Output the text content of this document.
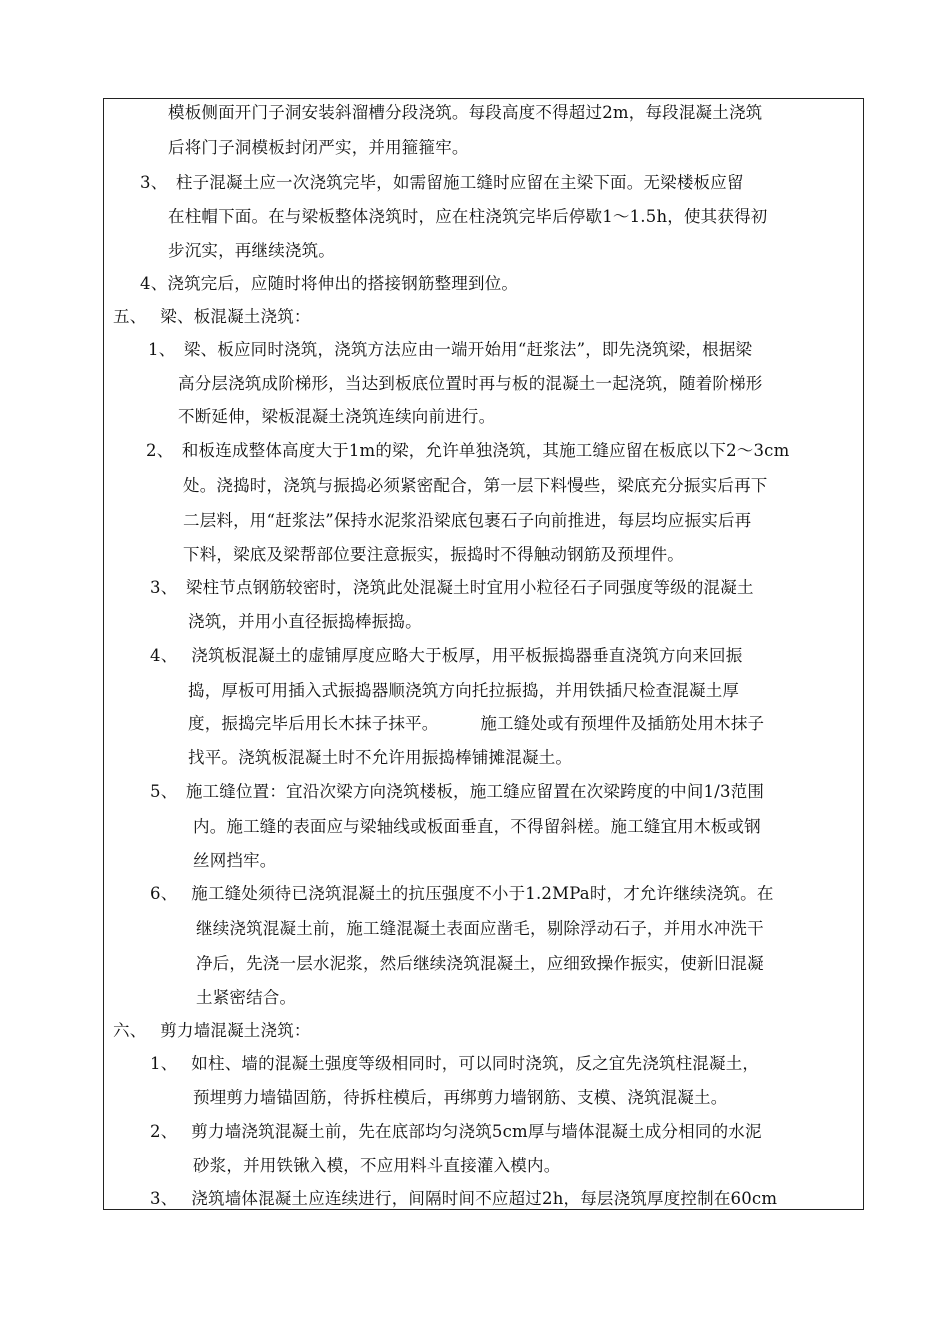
模板侧面开门子洞安装斜溜槽分段浇筑。每段高度不得超过2m，每段混凝土浇筑
后将门子洞模板封闭严实，并用箍箍牢。
3、　柱子混凝土应一次浇筑完毕，如需留施工缝时应留在主梁下面。无梁楼板应留
在柱帽下面。在与梁板整体浇筑时，应在柱浇筑完毕后停歇1～1.5h，使其获得初
步沉实，再继续浇筑。
4、浇筑完后，应随时将伸出的搭接钢筋整理到位。
五、　 梁、板混凝土浇筑：
1、　梁、板应同时浇筑，浇筑方法应由一端开始用“赶浆法”，即先浇筑梁，根据梁
高分层浇筑成阶梯形，当达到板底位置时再与板的混凝土一起浇筑，随着阶梯形
不断延伸，梁板混凝土浇筑连续向前进行。
2、　和板连成整体高度大于1m的梁，允许单独浇筑，其施工缝应留在板底以下2～3cm
处。浇捣时，浇筑与振捣必须紧密配合，第一层下料慢些，梁底充分振实后再下
二层料，用“赶浆法”保持水泥浆沿梁底包裹石子向前推进，每层均应振实后再
下料，梁底及梁帮部位要注意振实，振捣时不得触动钢筋及预埋件。
3、　梁柱节点钢筋较密时，浇筑此处混凝土时宜用小粒径石子同强度等级的混凝土
浇筑，并用小直径振捣棒振捣。
4、　 浇筑板混凝土的虚铺厚度应略大于板厚，用平板振捣器垂直浇筑方向来回振
捣，厚板可用插入式振捣器顺浇筑方向托拉振捣，并用铁插尺检查混凝土厚
度，振捣完毕后用长木抹子抹平。　　　施工缝处或有预埋件及插筋处用木抹子
找平。浇筑板混凝土时不允许用振捣棒铺摊混凝土。
5、　施工缝位置：宜沿次梁方向浇筑楼板，施工缝应留置在次梁跨度的中间1/3范围
内。施工缝的表面应与梁轴线或板面垂直，不得留斜槎。施工缝宜用木板或钢
丝网挡牢。
6、　 施工缝处须待已浇筑混凝土的抗压强度不小于1.2MPa时，才允许继续浇筑。在
继续浇筑混凝土前，施工缝混凝土表面应凿毛，剔除浮动石子，并用水冲洗干
净后，先浇一层水泥浆，然后继续浇筑混凝土，应细致操作振实，使新旧混凝
土紧密结合。
六、　 剪力墙混凝土浇筑：
1、　 如柱、墙的混凝土强度等级相同时，可以同时浇筑，反之宜先浇筑柱混凝土，
预埋剪力墙锚固筋，待拆柱模后，再绑剪力墙钢筋、支模、浇筑混凝土。
2、　 剪力墙浇筑混凝土前，先在底部均匀浇筑5cm厚与墙体混凝土成分相同的水泥
砂浆，并用铁锹入模，不应用料斗直接灌入模内。
3、　 浇筑墙体混凝土应连续进行，间隔时间不应超过2h，每层浇筑厚度控制在60cm
